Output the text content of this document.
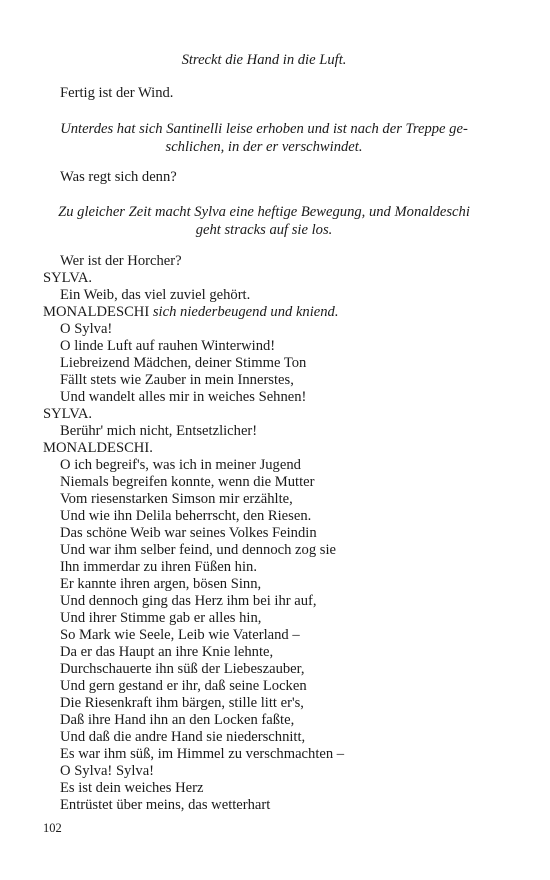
Streckt die Hand in die Luft.

Fertig ist der Wind.

Unterdes hat sich Santinelli leise erhoben und ist nach der Treppe ge-

schlichen, in der er verschwindet.

Was regt sich denn?

Zu gleicher Zeit macht Sylva eine heftige Bewegung, und Monaldeschi

geht stracks auf sie los.

Wer ist der Horcher?

SYLVA.

Ein Weib, das viel zuviel gehört.

MONALDESCHI sich niederbeugend und kniend.

O Sylva!

O linde Luft auf rauhen Winterwind!

Liebreizend Mädchen, deiner Stimme Ton

Fällt stets wie Zauber in mein Innerstes,

Und wandelt alles mir in weiches Sehnen!

SYLVA.

Berühr' mich nicht, Entsetzlicher!

MONALDESCHI.

O ich begreif's, was ich in meiner Jugend

Niemals begreifen konnte, wenn die Mutter

Vom riesenstarken Simson mir erzählte,

Und wie ihn Delila beherrscht, den Riesen.

Das schöne Weib war seines Volkes Feindin

Und war ihm selber feind, und dennoch zog sie

Ihn immerdar zu ihren Füßen hin.

Er kannte ihren argen, bösen Sinn,

Und dennoch ging das Herz ihm bei ihr auf,

Und ihrer Stimme gab er alles hin,

So Mark wie Seele, Leib wie Vaterland –

Da er das Haupt an ihre Knie lehnte,

Durchschauerte ihn süß der Liebeszauber,

Und gern gestand er ihr, daß seine Locken

Die Riesenkraft ihm bärgen, stille litt er's,

Daß ihre Hand ihn an den Locken faßte,

Und daß die andre Hand sie niederschnitt,

Es war ihm süß, im Himmel zu verschmachten –

O Sylva! Sylva!

Es ist dein weiches Herz

Entrüstet über meins, das wetterhart

102
